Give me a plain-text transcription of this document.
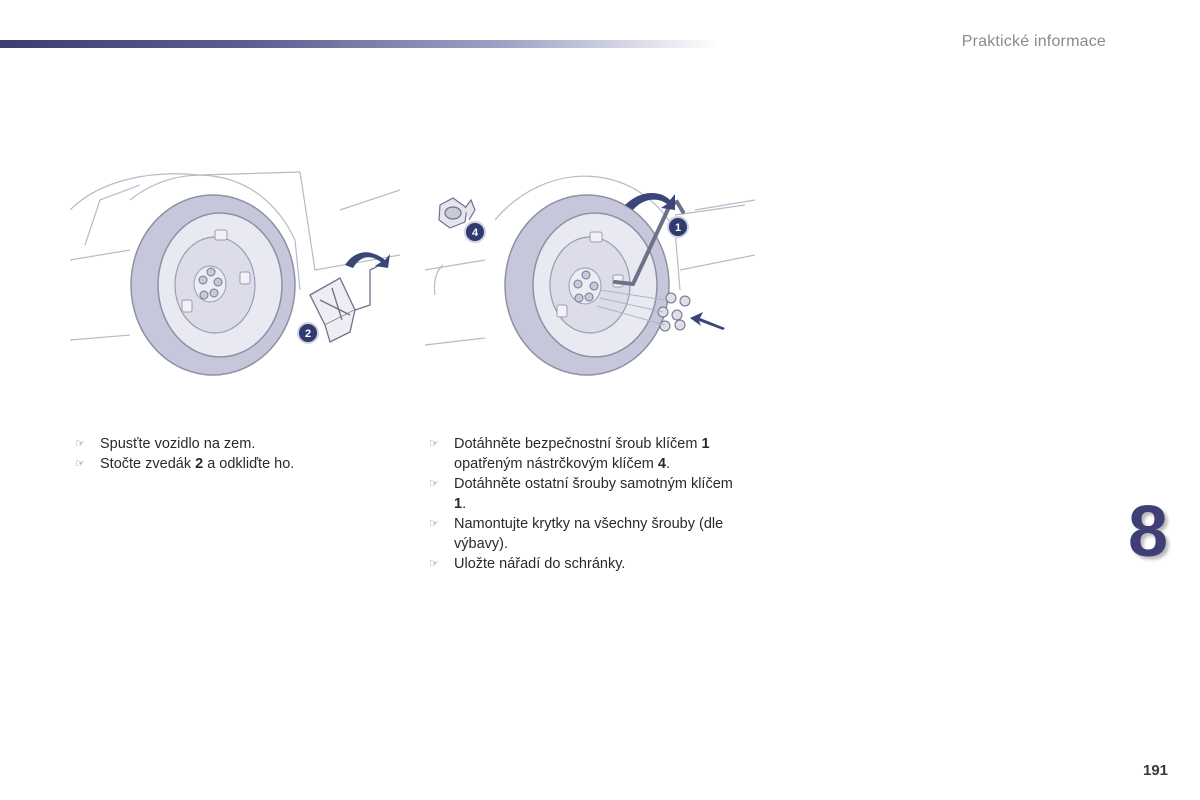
Praktické informace
2
4	1
☞ Spusťte vozidlo na zem.
☞ Stočte zvedák 2 a odkliďte ho.
☞ Dotáhněte bezpečnostní šroub klíčem 1 opatřeným nástrčkovým klíčem 4.
☞ Dotáhněte ostatní šrouby samotným klíčem 1.
☞ Namontujte krytky na všechny šrouby (dle výbavy).
☞ Uložte nářadí do schránky.	8
191
